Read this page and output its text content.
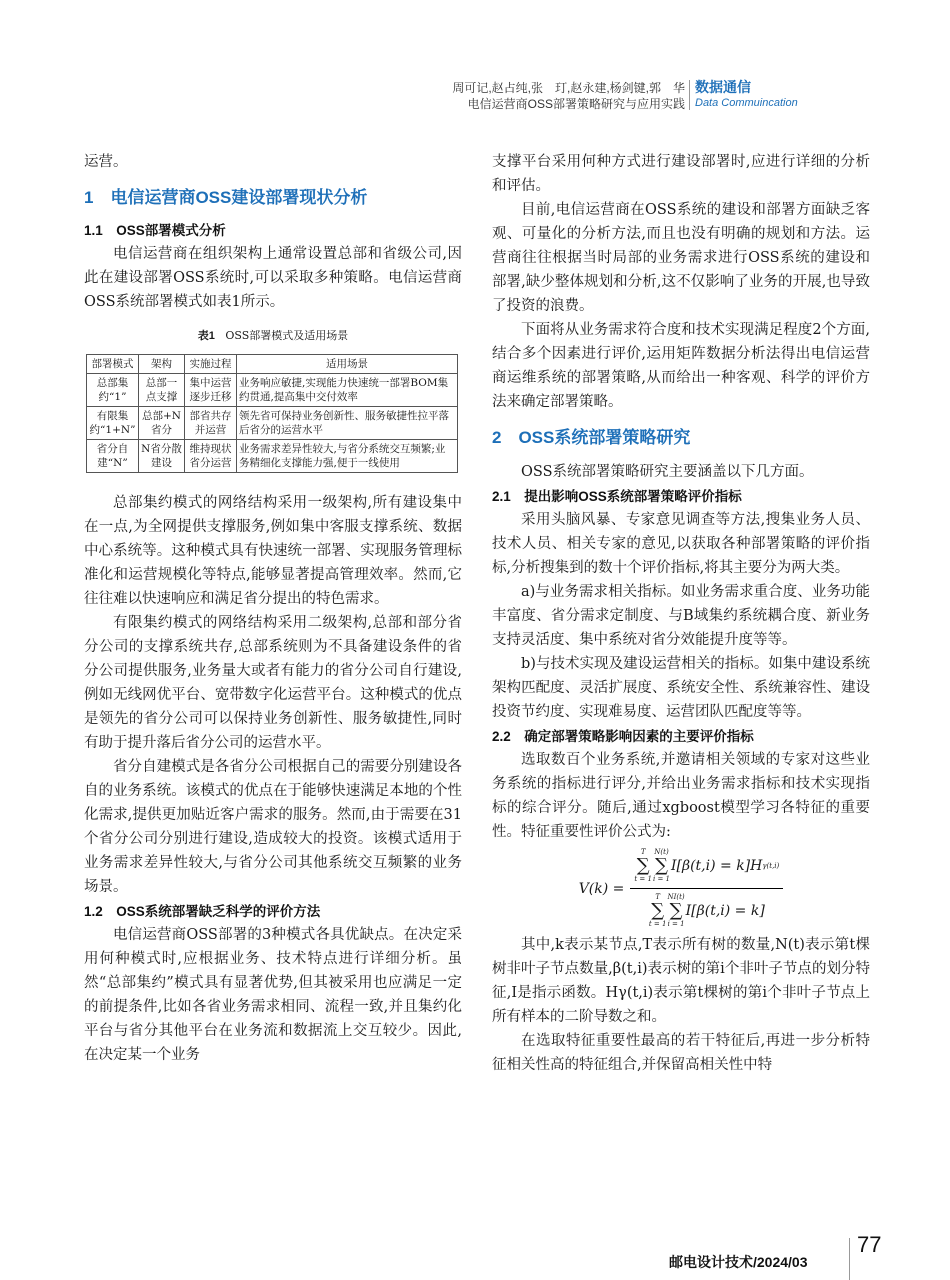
周可记,赵占纯,张　玎,赵永建,杨剑键,郭　华
电信运营商OSS部署策略研究与应用实践
数据通信
Data Commuincation

运营。

1　电信运营商OSS建设部署现状分析
1.1　OSS部署模式分析

电信运营商在组织架构上通常设置总部和省级公司,因此在建设部署OSS系统时,可以采取多种策略。电信运营商OSS系统部署模式如表1所示。

表1 OSS部署模式及适用场景
部署模式	架构	实施过程	适用场景
总部集约“1”	总部一点支撑	集中运营逐步迁移	业务响应敏捷,实现能力快速统一部署BOM集约贯通,提高集中交付效率
有限集约“1+N”	总部+N省分	部省共存并运营	领先省可保持业务创新性、服务敏捷性拉平落后省分的运营水平
省分自建“N”	N省分散建设	维持现状省分运营	业务需求差异性较大,与省分系统交互频繁;业务精细化支撑能力强,便于一线使用

总部集约模式的网络结构采用一级架构,所有建设集中在一点,为全网提供支撑服务,例如集中客服支撑系统、数据中心系统等。这种模式具有快速统一部署、实现服务管理标准化和运营规模化等特点,能够显著提高管理效率。然而,它往往难以快速响应和满足省分提出的特色需求。

有限集约模式的网络结构采用二级架构,总部和部分省分公司的支撑系统共存,总部系统则为不具备建设条件的省分公司提供服务,业务量大或者有能力的省分公司自行建设,例如无线网优平台、宽带数字化运营平台。这种模式的优点是领先的省分公司可以保持业务创新性、服务敏捷性,同时有助于提升落后省分公司的运营水平。

省分自建模式是各省分公司根据自己的需要分别建设各自的业务系统。该模式的优点在于能够快速满足本地的个性化需求,提供更加贴近客户需求的服务。然而,由于需要在31个省分公司分别进行建设,造成较大的投资。该模式适用于业务需求差异性较大,与省分公司其他系统交互频繁的业务场景。

1.2　OSS系统部署缺乏科学的评价方法

电信运营商OSS部署的3种模式各具优缺点。在决定采用何种模式时,应根据业务、技术特点进行详细分析。虽然“总部集约”模式具有显著优势,但其被采用也应满足一定的前提条件,比如各省业务需求相同、流程一致,并且集约化平台与省分其他平台在业务流和数据流上交互较少。因此,在决定某一个业务

支撑平台采用何种方式进行建设部署时,应进行详细的分析和评估。

目前,电信运营商在OSS系统的建设和部署方面缺乏客观、可量化的分析方法,而且也没有明确的规划和方法。运营商往往根据当时局部的业务需求进行OSS系统的建设和部署,缺少整体规划和分析,这不仅影响了业务的开展,也导致了投资的浪费。

下面将从业务需求符合度和技术实现满足程度2个方面,结合多个因素进行评价,运用矩阵数据分析法得出电信运营商运维系统的部署策略,从而给出一种客观、科学的评价方法来确定部署策略。

2　OSS系统部署策略研究

OSS系统部署策略研究主要涵盖以下几方面。

2.1　提出影响OSS系统部署策略评价指标

采用头脑风暴、专家意见调查等方法,搜集业务人员、技术人员、相关专家的意见,以获取各种部署策略的评价指标,分析搜集到的数十个评价指标,将其主要分为两大类。

a)与业务需求相关指标。如业务需求重合度、业务功能丰富度、省分需求定制度、与B域集约系统耦合度、新业务支持灵活度、集中系统对省分效能提升度等等。

b)与技术实现及建设运营相关的指标。如集中建设系统架构匹配度、灵活扩展度、系统安全性、系统兼容性、建设投资节约度、实现难易度、运营团队匹配度等等。

2.2　确定部署策略影响因素的主要评价指标

选取数百个业务系统,并邀请相关领域的专家对这些业务系统的指标进行评分,并给出业务需求指标和技术实现指标的综合评分。随后,通过xgboost模型学习各特征的重要性。特征重要性评价公式为:

V(k) =
T
∑
t = 1
N(t)
∑
i = 1
I[β(t,i) = k]H γ(t,i)
T
∑
t = 1
NI(t)
∑
i = 1
I[β(t,i) = k]

其中,k表示某节点,T表示所有树的数量,N(t)表示第t棵树非叶子节点数量,β(t,i)表示树的第i个非叶子节点的划分特征,I是指示函数。Hγ(t,i)表示第t棵树的第i个非叶子节点上所有样本的二阶导数之和。

在选取特征重要性最高的若干特征后,再进一步分析特征相关性高的特征组合,并保留高相关性中特

邮电设计技术/2024/03
77
